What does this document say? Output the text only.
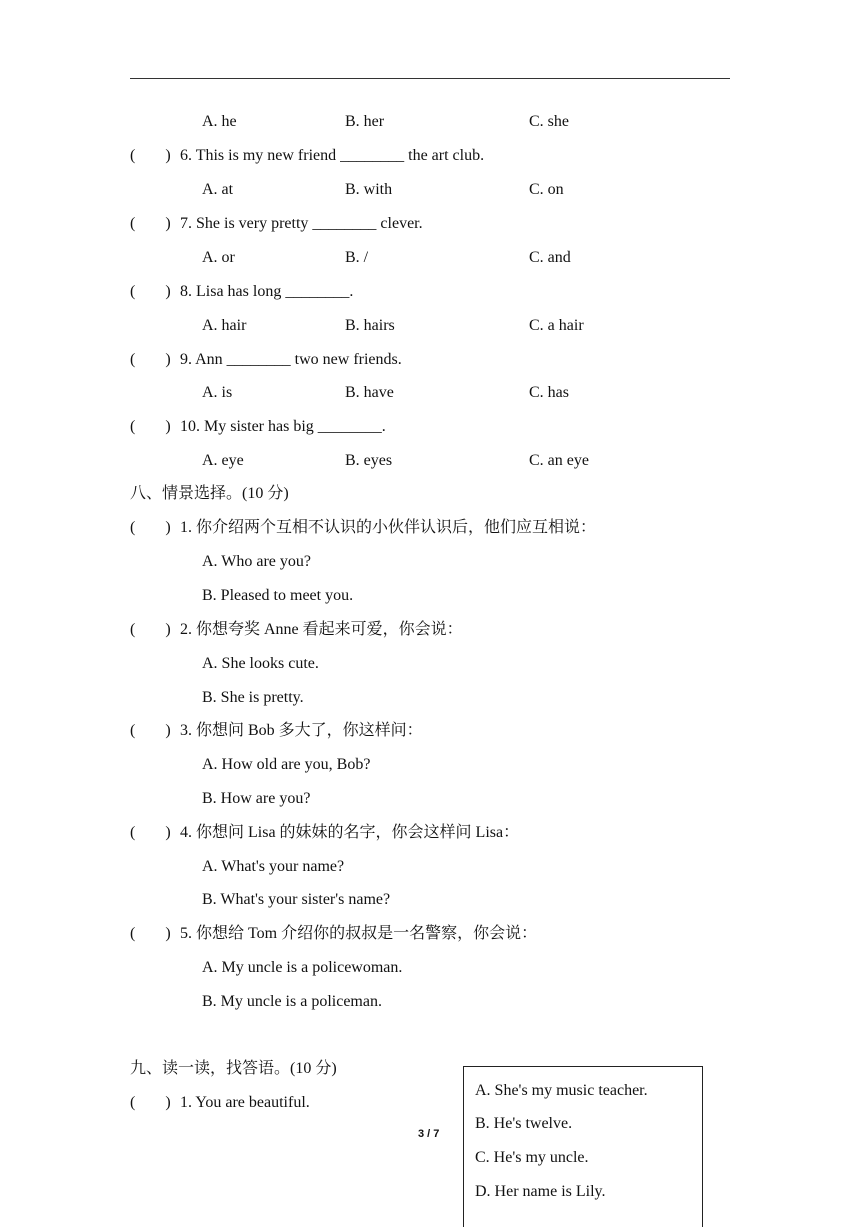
A. he	B. her	C. she
( ) 6. This is my new friend ________ the art club.
A. at	B. with	C. on
( ) 7. She is very pretty ________ clever.
A. or	B. /	C. and
( ) 8. Lisa has long ________.
A. hair	B. hairs	C. a hair
( ) 9. Ann ________ two new friends.
A. is	B. have	C. has
( ) 10. My sister has big ________.
A. eye	B. eyes	C. an eye
八、情景选择。(10 分)
( ) 1. 你介绍两个互相不认识的小伙伴认识后，他们应互相说：
A. Who are you?
B. Pleased to meet you.
( ) 2. 你想夸奖 Anne 看起来可爱，你会说：
A. She looks cute.
B. She is pretty.
( ) 3. 你想问 Bob 多大了，你这样问：
A. How old are you, Bob?
B. How are you?
( ) 4. 你想问 Lisa 的妹妹的名字，你会这样问 Lisa：
A. What's your name?
B. What's your sister's name?
( ) 5. 你想给 Tom 介绍你的叔叔是一名警察，你会说：
A. My uncle is a policewoman.
B. My uncle is a policeman.
九、读一读，找答语。(10 分)
( ) 1. You are beautiful.
A. She's my music teacher.
B. He's twelve.
C. He's my uncle.
D. Her name is Lily.
3 / 7
